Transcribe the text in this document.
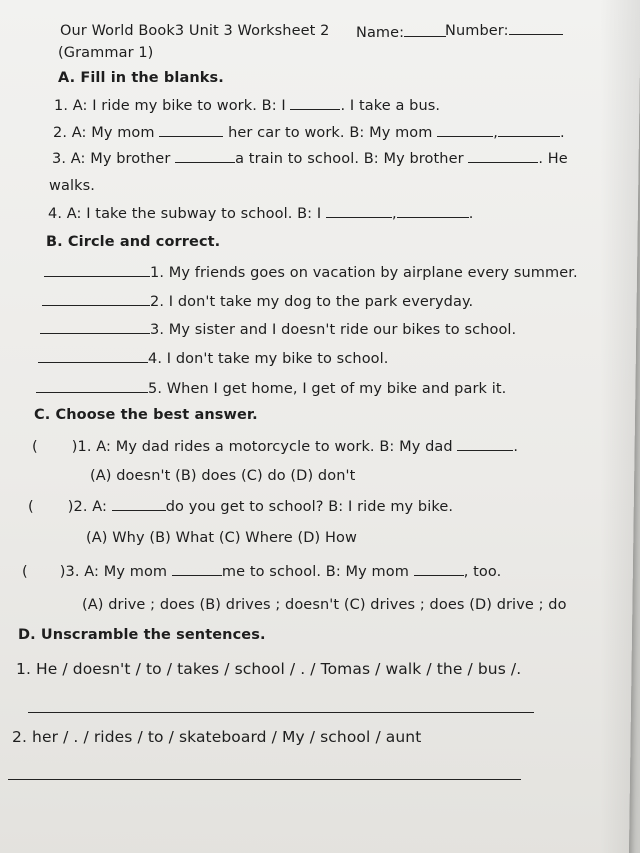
Our World Book3 Unit 3 Worksheet 2 Name:	Number:
(Grammar 1)
A. Fill in the blanks.
1. A: I ride my bike to work. B: I	. I take a bus.
2. A: My mom	her car to work. B: My mom	,	.
3. A: My brother	a train to school. B: My brother	. He
walks.
4. A: I take the subway to school. B: I	,	.
B. Circle and correct.
1. My friends goes on vacation by airplane every summer.
2. I don't take my dog to the park everyday.
3. My sister and I doesn't ride our bikes to school.
4. I don't take my bike to school.
5. When I get home, I get of my bike and park it.
C. Choose the best answer.
( )1. A: My dad rides a motorcycle to work. B: My dad	.
(A) doesn't (B) does (C) do (D) don't
( )2. A:	do you get to school? B: I ride my bike.
(A) Why (B) What (C) Where (D) How
( )3. A: My mom	me to school. B: My mom	, too.
(A) drive ; does (B) drives ; doesn't (C) drives ; does (D) drive ; do
D. Unscramble the sentences.
1. He / doesn't / to / takes / school / . / Tomas / walk / the / bus /.
2. her / . / rides / to / skateboard / My / school / aunt
